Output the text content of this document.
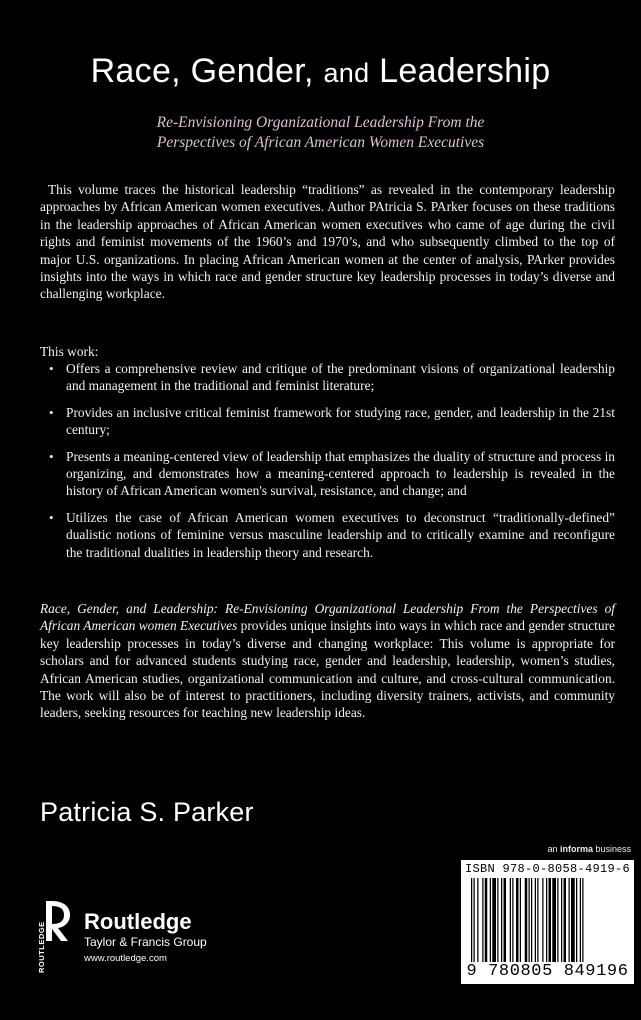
Race, Gender, and Leadership
Re-Envisioning Organizational Leadership From the
Perspectives of African American Women Executives
This volume traces the historical leadership “traditions” as revealed in the contemporary leadership approaches by African American women executives. Author PAtricia S. PArker focuses on these traditions in the leadership approaches of African American women executives who came of age during the civil rights and feminist movements of the 1960’s and 1970’s, and who subsequently climbed to the top of major U.S. organizations. In placing African American women at the center of analysis, PArker provides insights into the ways in which race and gender structure key leadership processes in today’s diverse and challenging workplace.
This work:
• Offers a comprehensive review and critique of the predominant visions of organizational leadership and management in the traditional and feminist literature;
• Provides an inclusive critical feminist framework for studying race, gender, and leadership in the 21st century;
• Presents a meaning-centered view of leadership that emphasizes the duality of structure and process in organizing, and demonstrates how a meaning-centered approach to leadership is revealed in the history of African American women's survival, resistance, and change; and
• Utilizes the case of African American women executives to deconstruct “traditionally-defined” dualistic notions of feminine versus masculine leadership and to critically examine and reconfigure the traditional dualities in leadership theory and research.
Race, Gender, and Leadership: Re-Envisioning Organizational Leadership From the Perspectives of African American women Executives provides unique insights into ways in which race and gender structure key leadership processes in today’s diverse and changing workplace: This volume is appropriate for scholars and for advanced students studying race, gender and leadership, leadership, women’s studies, African American studies, organizational communication and culture, and cross-cultural communication. The work will also be of interest to practitioners, including diversity trainers, activists, and community leaders, seeking resources for teaching new leadership ideas.
Patricia S. Parker
an informa business
ISBN 978-0-8058-4919-6
9 780805 849196
ROUTLEDGE Routledge
Taylor & Francis Group
www.routledge.com
